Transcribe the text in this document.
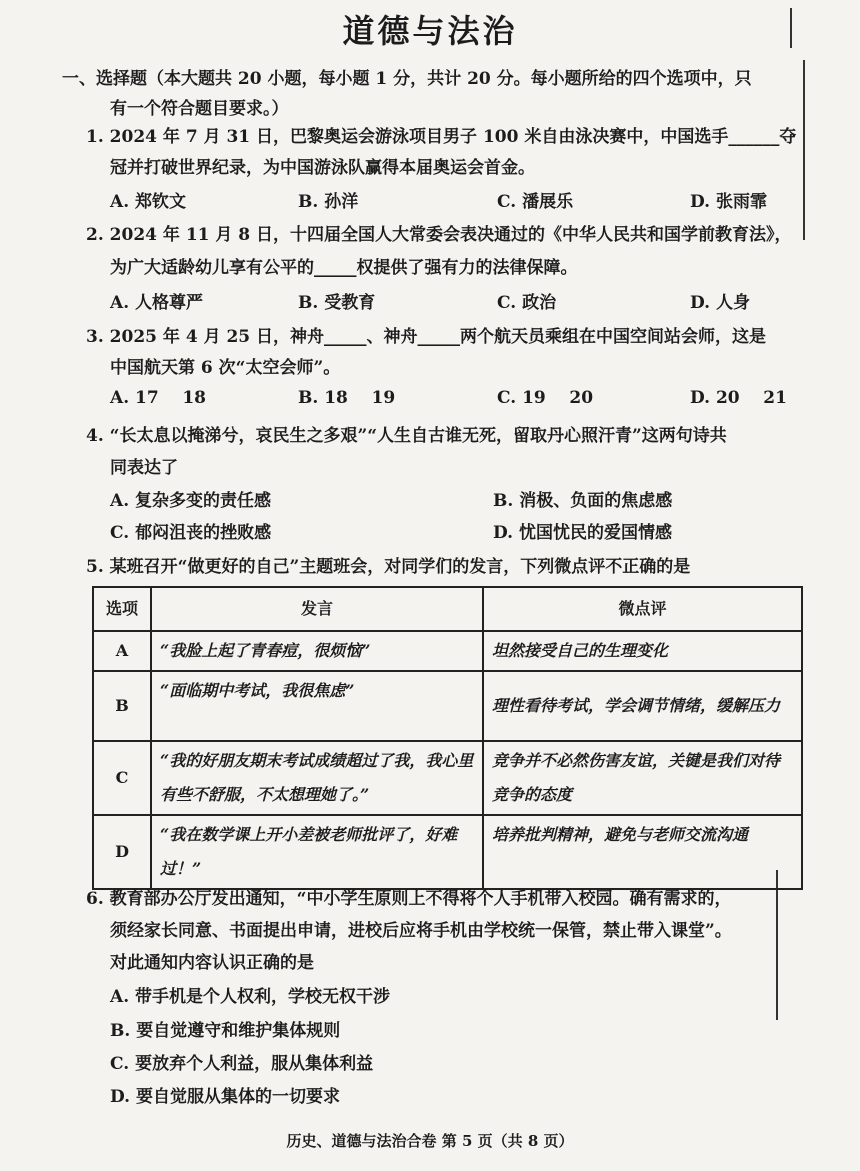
道德与法治
一、选择题（本大题共 20 小题，每小题 1 分，共计 20 分。每小题所给的四个选项中，只
有一个符合题目要求。）
1. 2024 年 7 月 31 日，巴黎奥运会游泳项目男子 100 米自由泳决赛中，中国选手______夺
冠并打破世界纪录，为中国游泳队赢得本届奥运会首金。
A. 郑钦文	B. 孙洋	C. 潘展乐	D. 张雨霏
2. 2024 年 11 月 8 日，十四届全国人大常委会表决通过的《中华人民共和国学前教育法》，
为广大适龄幼儿享有公平的_____权提供了强有力的法律保障。
A. 人格尊严	B. 受教育	C. 政治	D. 人身
3. 2025 年 4 月 25 日，神舟_____、神舟_____两个航天员乘组在中国空间站会师，这是
中国航天第 6 次“太空会师”。
A. 17    18	B. 18    19	C. 19    20	D. 20    21
4. “长太息以掩涕兮，哀民生之多艰”“人生自古谁无死，留取丹心照汗青”这两句诗共
同表达了
A. 复杂多变的责任感	B. 消极、负面的焦虑感
C. 郁闷沮丧的挫败感	D. 忧国忧民的爱国情感
5. 某班召开“做更好的自己”主题班会，对同学们的发言，下列微点评不正确的是
选项	发言	微点评
A	“我脸上起了青春痘，很烦恼”	坦然接受自己的生理变化
B	“面临期中考试，我很焦虑”	理性看待考试，学会调节情绪，缓解压力
C	“我的好朋友期末考试成绩超过了我，我心里有些不舒服，不太想理她了。”	竞争并不必然伤害友谊，关键是我们对待竞争的态度
D	“我在数学课上开小差被老师批评了，好难过！”	培养批判精神，避免与老师交流沟通
6. 教育部办公厅发出通知，“中小学生原则上不得将个人手机带入校园。确有需求的，
须经家长同意、书面提出申请，进校后应将手机由学校统一保管，禁止带入课堂”。
对此通知内容认识正确的是
A. 带手机是个人权利，学校无权干涉
B. 要自觉遵守和维护集体规则
C. 要放弃个人利益，服从集体利益
D. 要自觉服从集体的一切要求
历史、道德与法治合卷 第 5 页（共 8 页）
